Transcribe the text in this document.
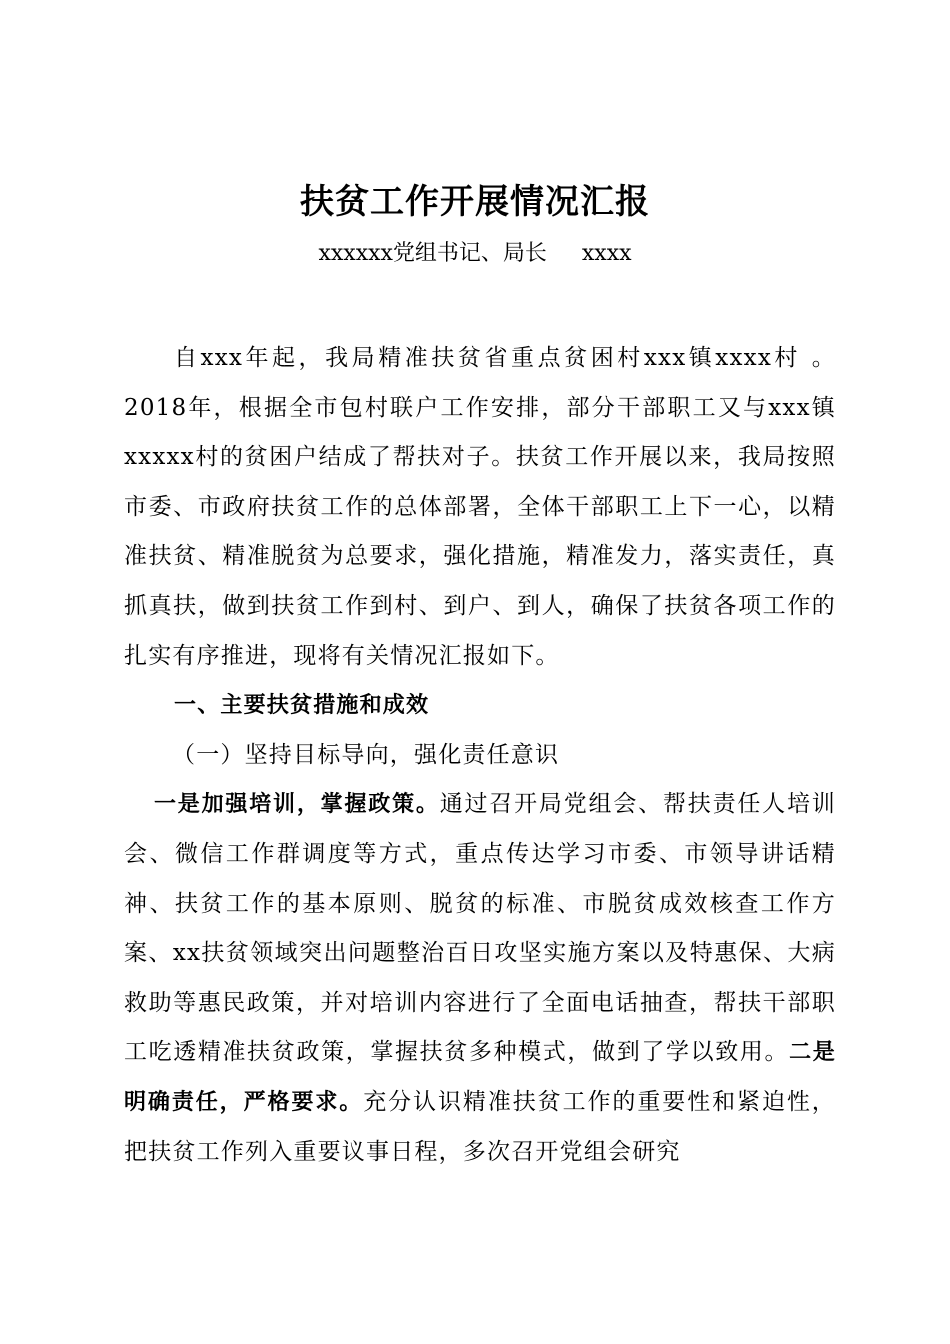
扶贫工作开展情况汇报
xxxxxx党组书记、局长     xxxx

自xxx年起，我局精准扶贫省重点贫困村xxx镇xxxx村 。2018年，根据全市包村联户工作安排，部分干部职工又与xxx镇xxxxx村的贫困户结成了帮扶对子。扶贫工作开展以来，我局按照市委、市政府扶贫工作的总体部署，全体干部职工上下一心，以精准扶贫、精准脱贫为总要求，强化措施，精准发力，落实责任，真抓真扶，做到扶贫工作到村、到户、到人，确保了扶贫各项工作的扎实有序推进，现将有关情况汇报如下。

一、主要扶贫措施和成效

（一）坚持目标导向，强化责任意识

一是加强培训，掌握政策。通过召开局党组会、帮扶责任人培训会、微信工作群调度等方式，重点传达学习市委、市领导讲话精神、扶贫工作的基本原则、脱贫的标准、市脱贫成效核查工作方案、xx扶贫领域突出问题整治百日攻坚实施方案以及特惠保、大病救助等惠民政策，并对培训内容进行了全面电话抽查，帮扶干部职工吃透精准扶贫政策，掌握扶贫多种模式，做到了学以致用。二是明确责任，严格要求。充分认识精准扶贫工作的重要性和紧迫性，把扶贫工作列入重要议事日程，多次召开党组会研究
